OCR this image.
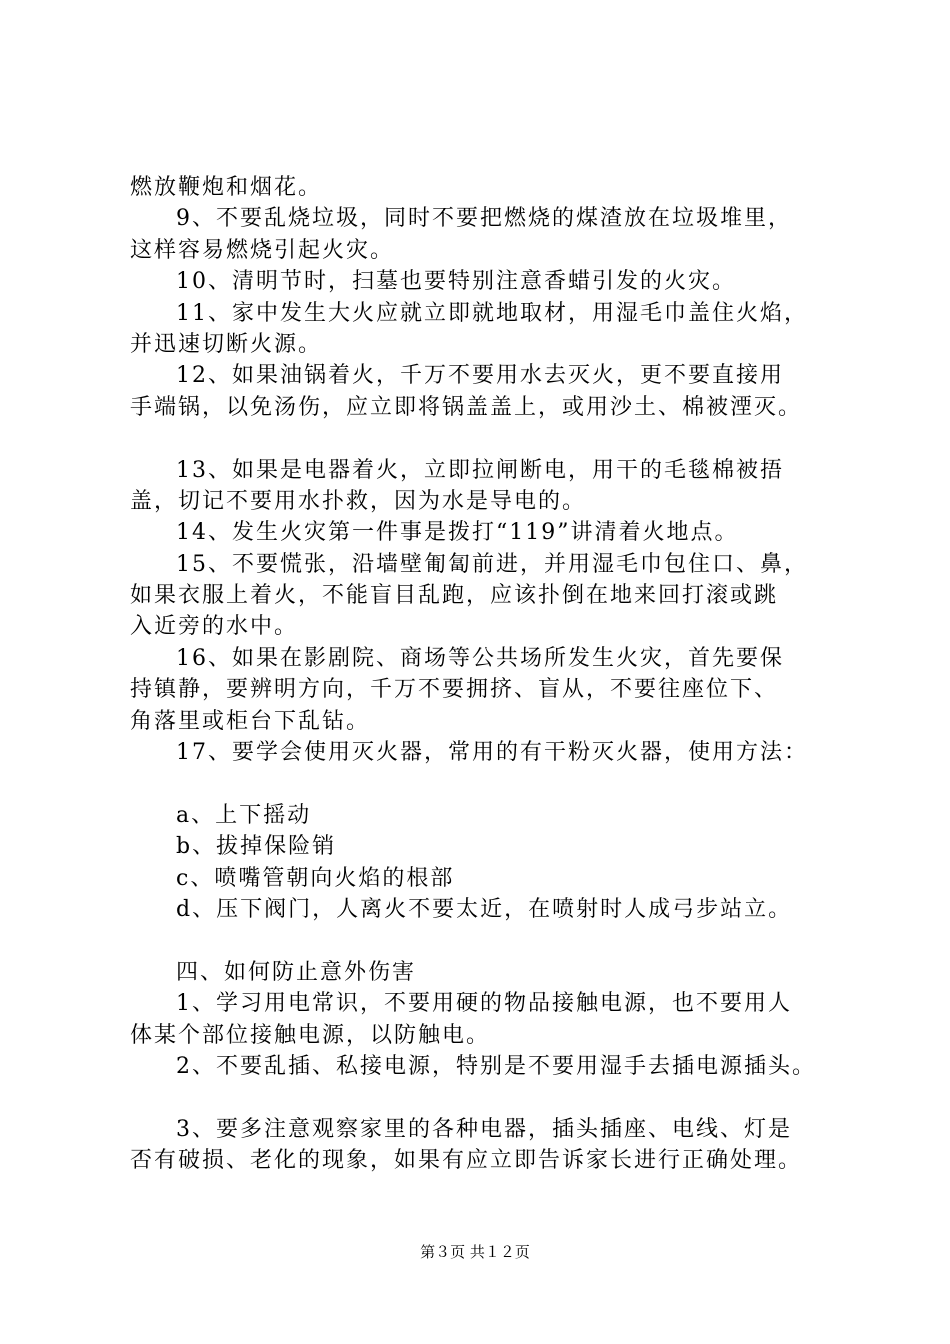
燃放鞭炮和烟花。
9、不要乱烧垃圾，同时不要把燃烧的煤渣放在垃圾堆里，
这样容易燃烧引起火灾。
10、清明节时，扫墓也要特别注意香蜡引发的火灾。
11、家中发生大火应就立即就地取材，用湿毛巾盖住火焰，
并迅速切断火源。
12、如果油锅着火，千万不要用水去灭火，更不要直接用
手端锅，以免汤伤，应立即将锅盖盖上，或用沙土、棉被湮灭。
13、如果是电器着火，立即拉闸断电，用干的毛毯棉被捂
盖，切记不要用水扑救，因为水是导电的。
14、发生火灾第一件事是拨打“119”讲清着火地点。
15、不要慌张，沿墙壁匍匐前进，并用湿毛巾包住口、鼻，
如果衣服上着火，不能盲目乱跑，应该扑倒在地来回打滚或跳
入近旁的水中。
16、如果在影剧院、商场等公共场所发生火灾，首先要保
持镇静，要辨明方向，千万不要拥挤、盲从，不要往座位下、
角落里或柜台下乱钻。
17、要学会使用灭火器，常用的有干粉灭火器，使用方法：
a、上下摇动
b、拔掉保险销
c、喷嘴管朝向火焰的根部
d、压下阀门，人离火不要太近，在喷射时人成弓步站立。
四、如何防止意外伤害
1、学习用电常识，不要用硬的物品接触电源，也不要用人
体某个部位接触电源，以防触电。
2、不要乱插、私接电源，特别是不要用湿手去插电源插头。
3、要多注意观察家里的各种电器，插头插座、电线、灯是
否有破损、老化的现象，如果有应立即告诉家长进行正确处理。
第３页 共１２页
